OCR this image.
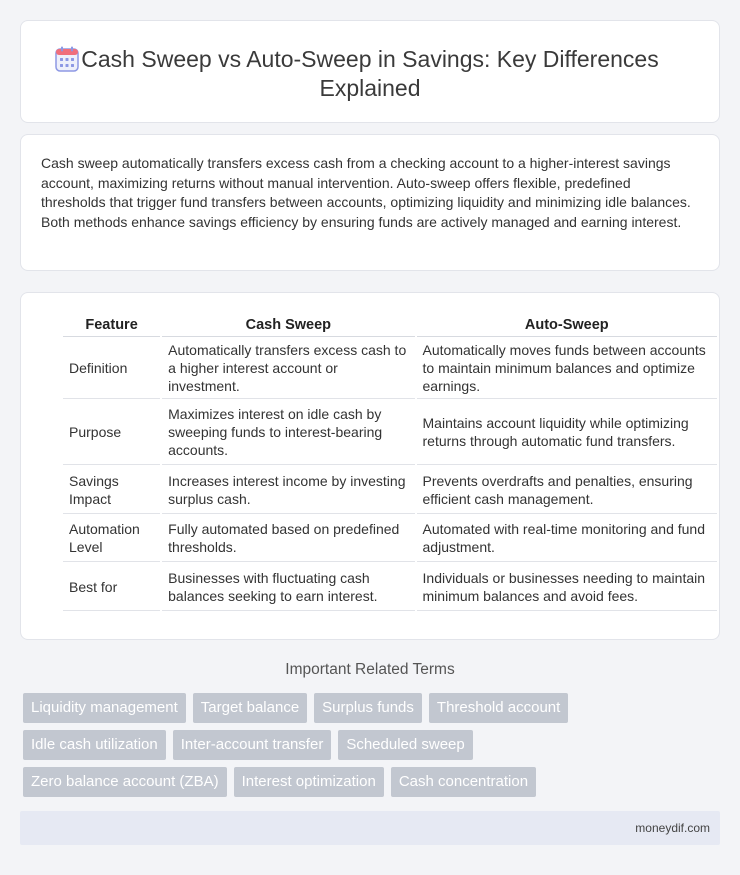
Cash Sweep vs Auto-Sweep in Savings: Key Differences Explained

Cash sweep automatically transfers excess cash from a checking account to a higher-interest savings account, maximizing returns without manual intervention. Auto-sweep offers flexible, predefined thresholds that trigger fund transfers between accounts, optimizing liquidity and minimizing idle balances. Both methods enhance savings efficiency by ensuring funds are actively managed and earning interest.

Feature	Cash Sweep	Auto-Sweep
Definition	Automatically transfers excess cash to a higher interest account or investment.	Automatically moves funds between accounts to maintain minimum balances and optimize earnings.
Purpose	Maximizes interest on idle cash by sweeping funds to interest-bearing accounts.	Maintains account liquidity while optimizing returns through automatic fund transfers.
Savings Impact	Increases interest income by investing surplus cash.	Prevents overdrafts and penalties, ensuring efficient cash management.
Automation Level	Fully automated based on predefined thresholds.	Automated with real-time monitoring and fund adjustment.
Best for	Businesses with fluctuating cash balances seeking to earn interest.	Individuals or businesses needing to maintain minimum balances and avoid fees.
Important Related Terms
Liquidity management	Target balance	Surplus funds	Threshold account
Idle cash utilization	Inter-account transfer	Scheduled sweep
Zero balance account (ZBA)	Interest optimization	Cash concentration
moneydif.com
